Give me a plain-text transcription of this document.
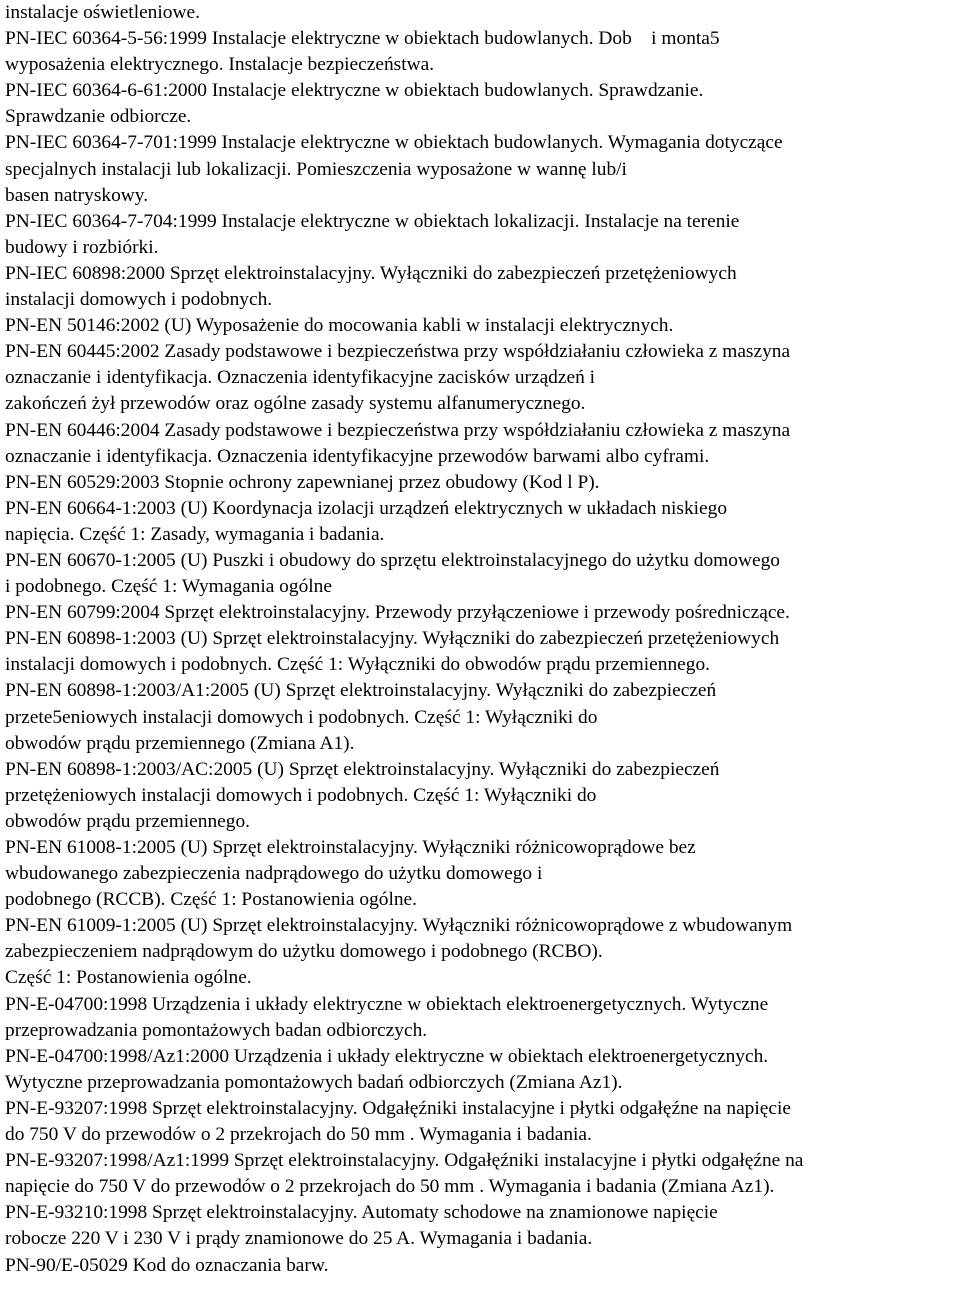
instalacje oświetleniowe.
PN-IEC 60364-5-56:1999 Instalacje elektryczne w obiektach budowlanych. Dob    i monta5
wyposażenia elektrycznego. Instalacje bezpieczeństwa.
PN-IEC 60364-6-61:2000 Instalacje elektryczne w obiektach budowlanych. Sprawdzanie.
Sprawdzanie odbiorcze.
PN-IEC 60364-7-701:1999 Instalacje elektryczne w obiektach budowlanych. Wymagania dotyczące
specjalnych instalacji lub lokalizacji. Pomieszczenia wyposażone w wannę lub/i
basen natryskowy.
PN-IEC 60364-7-704:1999 Instalacje elektryczne w obiektach lokalizacji. Instalacje na terenie
budowy i rozbiórki.
PN-IEC 60898:2000 Sprzęt elektroinstalacyjny. Wyłączniki do zabezpieczeń przetężeniowych
instalacji domowych i podobnych.
PN-EN 50146:2002 (U) Wyposażenie do mocowania kabli w instalacji elektrycznych.
PN-EN 60445:2002 Zasady podstawowe i bezpieczeństwa przy współdziałaniu człowieka z maszyna
oznaczanie i identyfikacja. Oznaczenia identyfikacyjne zacisków urządzeń i
zakończeń żył przewodów oraz ogólne zasady systemu alfanumerycznego.
PN-EN 60446:2004 Zasady podstawowe i bezpieczeństwa przy współdziałaniu człowieka z maszyna
oznaczanie i identyfikacja. Oznaczenia identyfikacyjne przewodów barwami albo cyframi.
PN-EN 60529:2003 Stopnie ochrony zapewnianej przez obudowy (Kod l P).
PN-EN 60664-1:2003 (U) Koordynacja izolacji urządzeń elektrycznych w układach niskiego
napięcia. Część 1: Zasady, wymagania i badania.
PN-EN 60670-1:2005 (U) Puszki i obudowy do sprzętu elektroinstalacyjnego do użytku domowego
i podobnego. Część 1: Wymagania ogólne
PN-EN 60799:2004 Sprzęt elektroinstalacyjny. Przewody przyłączeniowe i przewody pośredniczące.
PN-EN 60898-1:2003 (U) Sprzęt elektroinstalacyjny. Wyłączniki do zabezpieczeń przetężeniowych
instalacji domowych i podobnych. Część 1: Wyłączniki do obwodów prądu przemiennego.
PN-EN 60898-1:2003/A1:2005 (U) Sprzęt elektroinstalacyjny. Wyłączniki do zabezpieczeń
przete5eniowych instalacji domowych i podobnych. Część 1: Wyłączniki do
obwodów prądu przemiennego (Zmiana A1).
PN-EN 60898-1:2003/AC:2005 (U) Sprzęt elektroinstalacyjny. Wyłączniki do zabezpieczeń
przetężeniowych instalacji domowych i podobnych. Część 1: Wyłączniki do
obwodów prądu przemiennego.
PN-EN 61008-1:2005 (U) Sprzęt elektroinstalacyjny. Wyłączniki różnicowoprądowe bez
wbudowanego zabezpieczenia nadprądowego do użytku domowego i
podobnego (RCCB). Część 1: Postanowienia ogólne.
PN-EN 61009-1:2005 (U) Sprzęt elektroinstalacyjny. Wyłączniki różnicowoprądowe z wbudowanym
zabezpieczeniem nadprądowym do użytku domowego i podobnego (RCBO).
Część 1: Postanowienia ogólne.
PN-E-04700:1998 Urządzenia i układy elektryczne w obiektach elektroenergetycznych. Wytyczne
przeprowadzania pomontażowych badan odbiorczych.
PN-E-04700:1998/Az1:2000 Urządzenia i układy elektryczne w obiektach elektroenergetycznych.
Wytyczne przeprowadzania pomontażowych badań odbiorczych (Zmiana Az1).
PN-E-93207:1998 Sprzęt elektroinstalacyjny. Odgałęźniki instalacyjne i płytki odgałęźne na napięcie
do 750 V do przewodów o 2 przekrojach do 50 mm . Wymagania i badania.
PN-E-93207:1998/Az1:1999 Sprzęt elektroinstalacyjny. Odgałęźniki instalacyjne i płytki odgałęźne na
napięcie do 750 V do przewodów o 2 przekrojach do 50 mm . Wymagania i badania (Zmiana Az1).
PN-E-93210:1998 Sprzęt elektroinstalacyjny. Automaty schodowe na znamionowe napięcie
robocze 220 V i 230 V i prądy znamionowe do 25 A. Wymagania i badania.
PN-90/E-05029 Kod do oznaczania barw.
